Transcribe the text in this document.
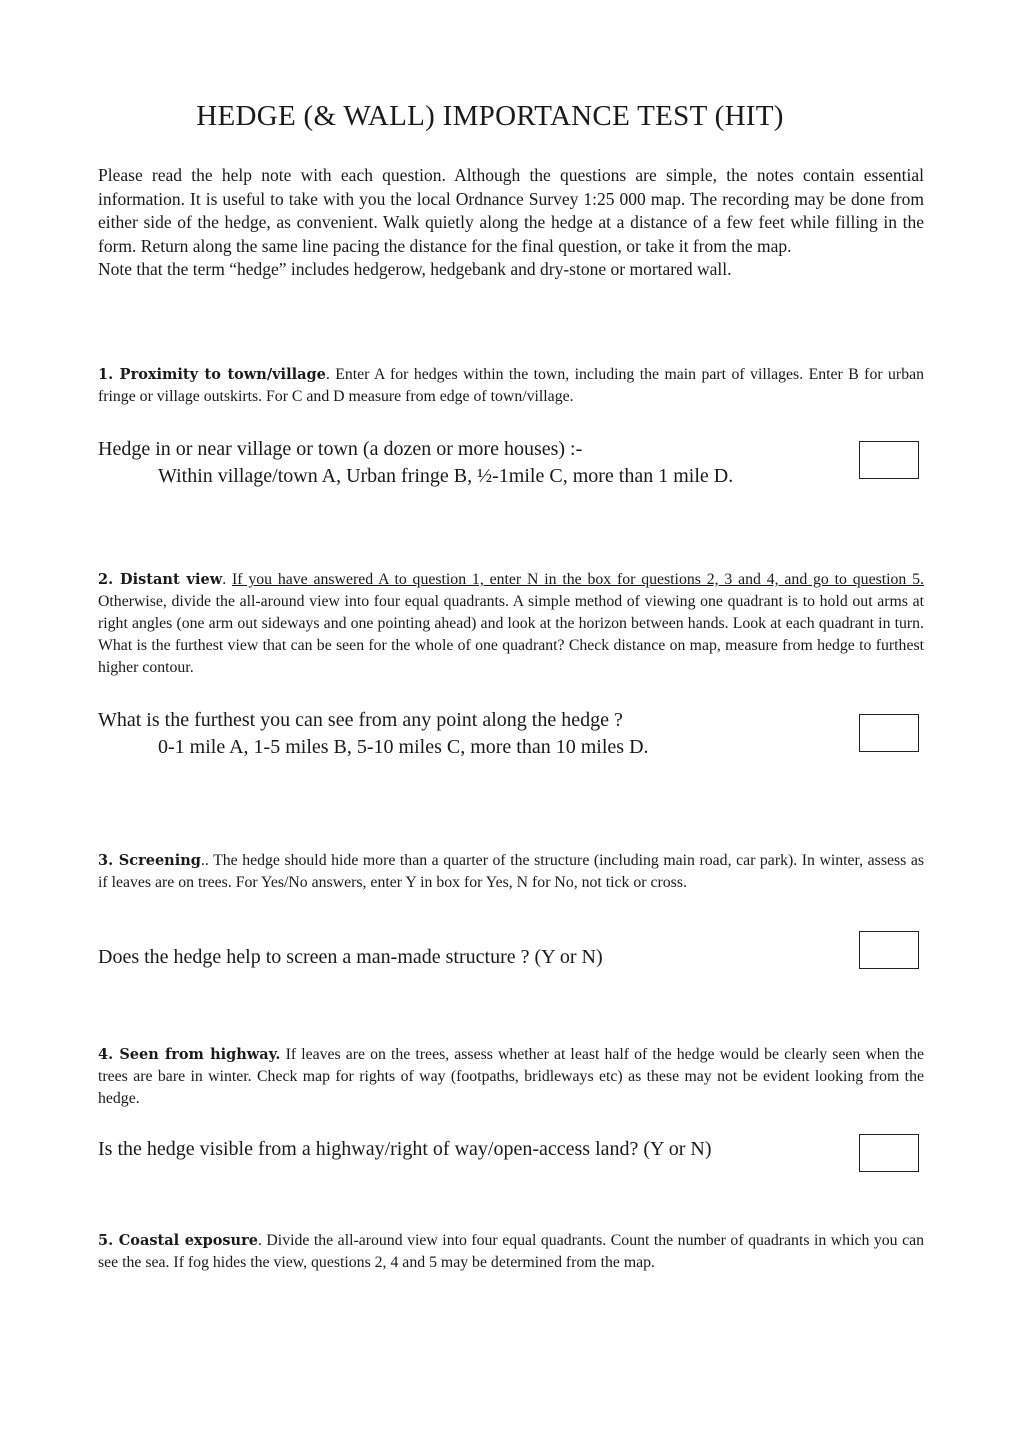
HEDGE (& WALL) IMPORTANCE TEST (HIT)

Please read the help note with each question. Although the questions are simple, the notes contain essential information. It is useful to take with you the local Ordnance Survey 1:25 000 map. The recording may be done from either side of the hedge, as convenient. Walk quietly along the hedge at a distance of a few feet while filling in the form. Return along the same line pacing the distance for the final question, or take it from the map.

Note that the term “hedge” includes hedgerow, hedgebank and dry-stone or mortared wall.

1. Proximity to town/village. Enter A for hedges within the town, including the main part of villages. Enter B for urban fringe or village outskirts. For C and D measure from edge of town/village.

Hedge in or near village or town (a dozen or more houses) :-
Within village/town A, Urban fringe B, ½-1mile C, more than 1 mile D.

2. Distant view. If you have answered A to question 1, enter N in the box for questions 2, 3 and 4, and go to question 5. Otherwise, divide the all-around view into four equal quadrants. A simple method of viewing one quadrant is to hold out arms at right angles (one arm out sideways and one pointing ahead) and look at the horizon between hands. Look at each quadrant in turn. What is the furthest view that can be seen for the whole of one quadrant? Check distance on map, measure from hedge to furthest higher contour.

What is the furthest you can see from any point along the hedge ?
0-1 mile A, 1-5 miles B, 5-10 miles C, more than 10 miles D.

3. Screening.. The hedge should hide more than a quarter of the structure (including main road, car park). In winter, assess as if leaves are on trees. For Yes/No answers, enter Y in box for Yes, N for No, not tick or cross.

Does the hedge help to screen a man-made structure ? (Y or N)

4. Seen from highway. If leaves are on the trees, assess whether at least half of the hedge would be clearly seen when the trees are bare in winter. Check map for rights of way (footpaths, bridleways etc) as these may not be evident looking from the hedge.

Is the hedge visible from a highway/right of way/open-access land? (Y or N)

5. Coastal exposure. Divide the all-around view into four equal quadrants. Count the number of quadrants in which you can see the sea. If fog hides the view, questions 2, 4 and 5 may be determined from the map.
